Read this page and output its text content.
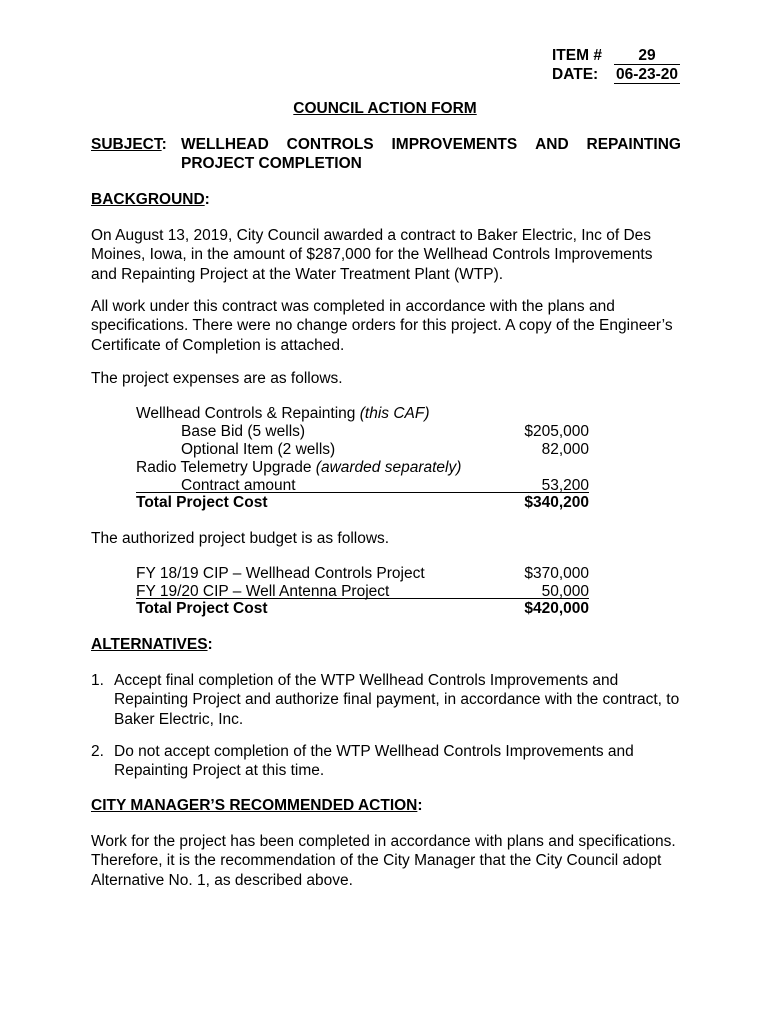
ITEM # 29
DATE: 06-23-20
COUNCIL ACTION FORM
SUBJECT: WELLHEAD CONTROLS IMPROVEMENTS AND REPAINTING
PROJECT COMPLETION
BACKGROUND:
On August 13, 2019, City Council awarded a contract to Baker Electric, Inc of Des Moines, Iowa, in the amount of $287,000 for the Wellhead Controls Improvements and Repainting Project at the Water Treatment Plant (WTP).
All work under this contract was completed in accordance with the plans and specifications. There were no change orders for this project. A copy of the Engineer’s Certificate of Completion is attached.
The project expenses are as follows.
Wellhead Controls & Repainting (this CAF)
Base Bid (5 wells)	$205,000
Optional Item (2 wells)	82,000
Radio Telemetry Upgrade (awarded separately)
Contract amount	53,200
Total Project Cost	$340,200
The authorized project budget is as follows.
FY 18/19 CIP – Wellhead Controls Project	$370,000
FY 19/20 CIP – Well Antenna Project	50,000
Total Project Cost	$420,000
ALTERNATIVES:
1. Accept final completion of the WTP Wellhead Controls Improvements and Repainting Project and authorize final payment, in accordance with the contract, to Baker Electric, Inc.
2. Do not accept completion of the WTP Wellhead Controls Improvements and Repainting Project at this time.
CITY MANAGER’S RECOMMENDED ACTION:
Work for the project has been completed in accordance with plans and specifications. Therefore, it is the recommendation of the City Manager that the City Council adopt Alternative No. 1, as described above.
